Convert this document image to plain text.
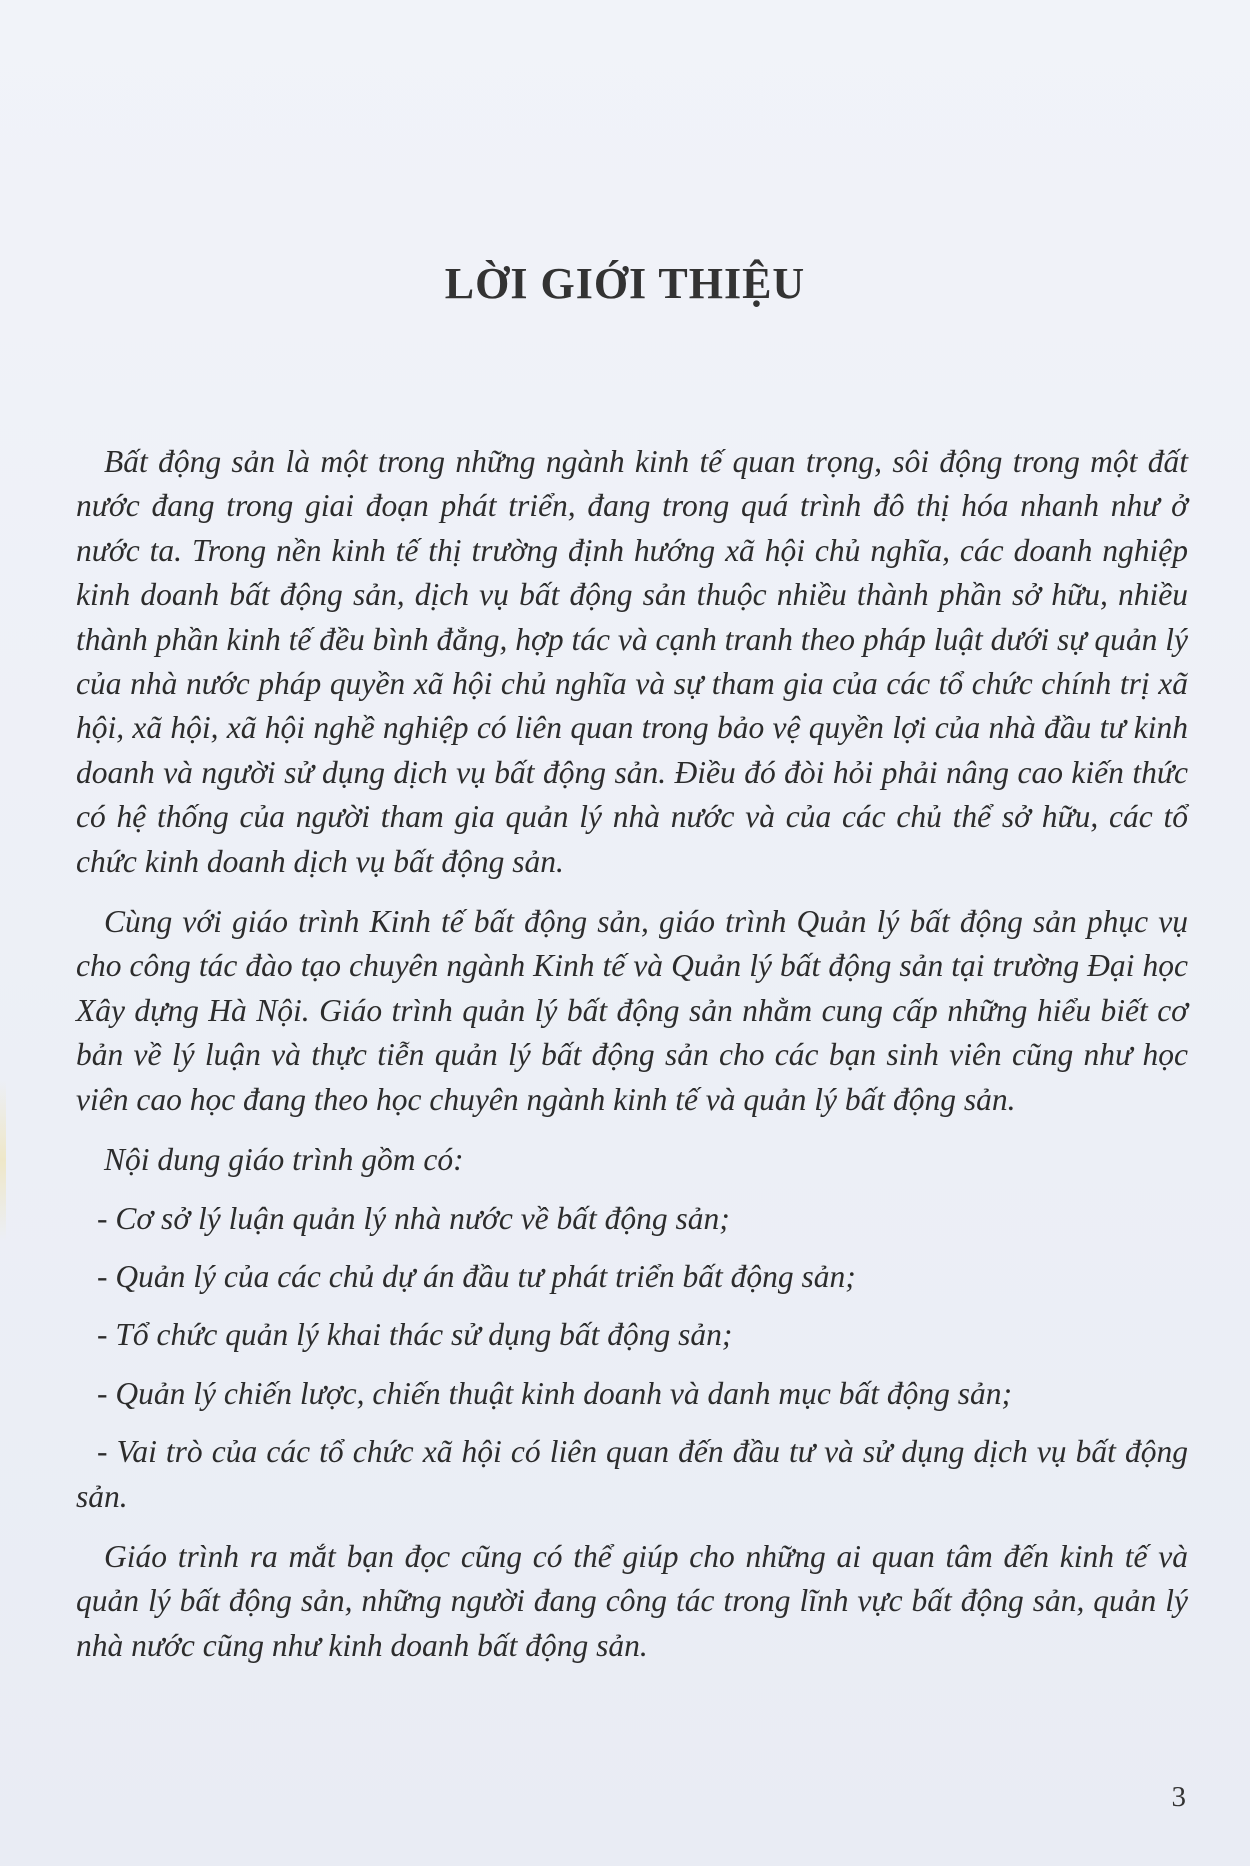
LỜI GIỚI THIỆU

Bất động sản là một trong những ngành kinh tế quan trọng, sôi động trong một đất nước đang trong giai đoạn phát triển, đang trong quá trình đô thị hóa nhanh như ở nước ta. Trong nền kinh tế thị trường định hướng xã hội chủ nghĩa, các doanh nghiệp kinh doanh bất động sản, dịch vụ bất động sản thuộc nhiều thành phần sở hữu, nhiều thành phần kinh tế đều bình đẳng, hợp tác và cạnh tranh theo pháp luật dưới sự quản lý của nhà nước pháp quyền xã hội chủ nghĩa và sự tham gia của các tổ chức chính trị xã hội, xã hội, xã hội nghề nghiệp có liên quan trong bảo vệ quyền lợi của nhà đầu tư kinh doanh và người sử dụng dịch vụ bất động sản. Điều đó đòi hỏi phải nâng cao kiến thức có hệ thống của người tham gia quản lý nhà nước và của các chủ thể sở hữu, các tổ chức kinh doanh dịch vụ bất động sản.

Cùng với giáo trình Kinh tế bất động sản, giáo trình Quản lý bất động sản phục vụ cho công tác đào tạo chuyên ngành Kinh tế và Quản lý bất động sản tại trường Đại học Xây dựng Hà Nội. Giáo trình quản lý bất động sản nhằm cung cấp những hiểu biết cơ bản về lý luận và thực tiễn quản lý bất động sản cho các bạn sinh viên cũng như học viên cao học đang theo học chuyên ngành kinh tế và quản lý bất động sản.

Nội dung giáo trình gồm có:

- Cơ sở lý luận quản lý nhà nước về bất động sản;

- Quản lý của các chủ dự án đầu tư phát triển bất động sản;

- Tổ chức quản lý khai thác sử dụng bất động sản;

- Quản lý chiến lược, chiến thuật kinh doanh và danh mục bất động sản;

- Vai trò của các tổ chức xã hội có liên quan đến đầu tư và sử dụng dịch vụ bất động sản.

Giáo trình ra mắt bạn đọc cũng có thể giúp cho những ai quan tâm đến kinh tế và quản lý bất động sản, những người đang công tác trong lĩnh vực bất động sản, quản lý nhà nước cũng như kinh doanh bất động sản.

3
